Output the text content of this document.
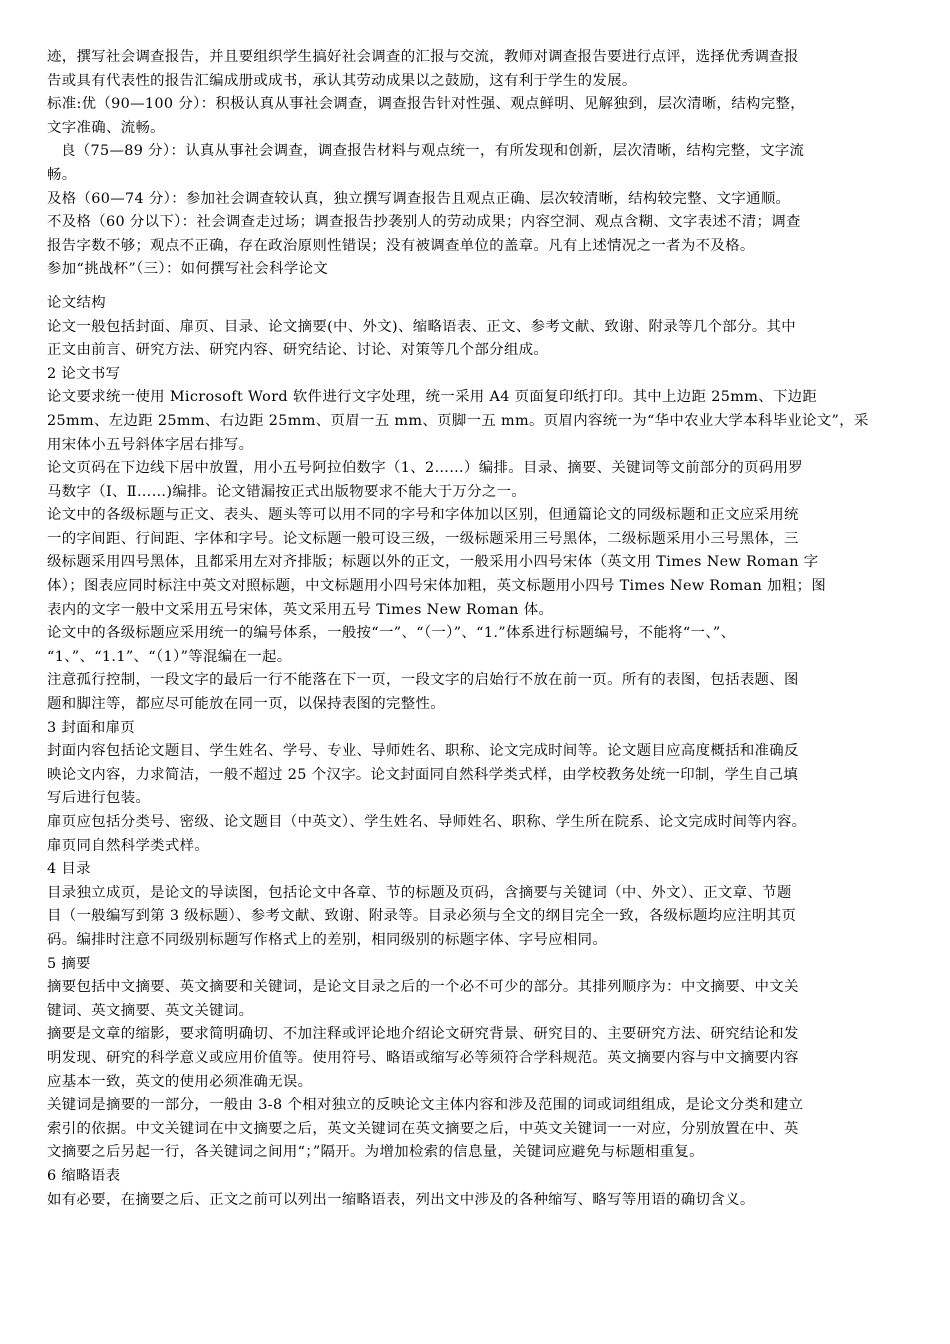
迹，撰写社会调查报告，并且要组织学生搞好社会调查的汇报与交流，教师对调查报告要进行点评，选择优秀调查报
告或具有代表性的报告汇编成册或成书，承认其劳动成果以之鼓励，这有利于学生的发展。

标准:优（90—100 分）：积极认真从事社会调查，调查报告针对性强、观点鲜明、见解独到，层次清晰，结构完整，
文字准确、流畅。

良（75—89 分）：认真从事社会调查，调查报告材料与观点统一，有所发现和创新，层次清晰，结构完整，文字流
畅。

及格（60—74 分）：参加社会调查较认真，独立撰写调查报告且观点正确、层次较清晰，结构较完整、文字通顺。

不及格（60 分以下）：社会调查走过场；调查报告抄袭别人的劳动成果；内容空洞、观点含糊、文字表述不清；调查
报告字数不够；观点不正确，存在政治原则性错误；没有被调查单位的盖章。凡有上述情况之一者为不及格。

参加“挑战杯”（三）：如何撰写社会科学论文

论文结构

论文一般包括封面、扉页、目录、论文摘要(中、外文)、缩略语表、正文、参考文献、致谢、附录等几个部分。其中
正文由前言、研究方法、研究内容、研究结论、讨论、对策等几个部分组成。

2 论文书写

论文要求统一使用 Microsoft Word 软件进行文字处理，统一采用 A4 页面复印纸打印。其中上边距 25mm、下边距
25mm、左边距 25mm、右边距 25mm、页眉一五 mm、页脚一五 mm。页眉内容统一为“华中农业大学本科毕业论文”，采
用宋体小五号斜体字居右排写。

论文页码在下边线下居中放置，用小五号阿拉伯数字（1、2……）编排。目录、摘要、关键词等文前部分的页码用罗
马数字（Ⅰ、Ⅱ……)编排。论文错漏按正式出版物要求不能大于万分之一。

论文中的各级标题与正文、表头、题头等可以用不同的字号和字体加以区别，但通篇论文的同级标题和正文应采用统
一的字间距、行间距、字体和字号。论文标题一般可设三级，一级标题采用三号黑体，二级标题采用小三号黑体，三
级标题采用四号黑体，且都采用左对齐排版；标题以外的正文，一般采用小四号宋体（英文用 Times New Roman 字
体）；图表应同时标注中英文对照标题，中文标题用小四号宋体加粗，英文标题用小四号 Times New Roman 加粗；图
表内的文字一般中文采用五号宋体，英文采用五号 Times New Roman 体。

论文中的各级标题应采用统一的编号体系，一般按“一”、“（一）”、“1.”体系进行标题编号，不能将“一、”、
“1、”、“1.1”、“（1）”等混编在一起。

注意孤行控制，一段文字的最后一行不能落在下一页，一段文字的启始行不放在前一页。所有的表图，包括表题、图
题和脚注等，都应尽可能放在同一页，以保持表图的完整性。

3 封面和扉页

封面内容包括论文题目、学生姓名、学号、专业、导师姓名、职称、论文完成时间等。论文题目应高度概括和准确反
映论文内容，力求简洁，一般不超过 25 个汉字。论文封面同自然科学类式样，由学校教务处统一印制，学生自己填
写后进行包装。

扉页应包括分类号、密级、论文题目（中英文）、学生姓名、导师姓名、职称、学生所在院系、论文完成时间等内容。
扉页同自然科学类式样。

4 目录

目录独立成页，是论文的导读图，包括论文中各章、节的标题及页码，含摘要与关键词（中、外文）、正文章、节题
目（一般编写到第 3 级标题）、参考文献、致谢、附录等。目录必须与全文的纲目完全一致，各级标题均应注明其页
码。编排时注意不同级别标题写作格式上的差别，相同级别的标题字体、字号应相同。

5 摘要

摘要包括中文摘要、英文摘要和关键词，是论文目录之后的一个必不可少的部分。其排列顺序为：中文摘要、中文关
键词、英文摘要、英文关键词。

摘要是文章的缩影，要求简明确切、不加注释或评论地介绍论文研究背景、研究目的、主要研究方法、研究结论和发
明发现、研究的科学意义或应用价值等。使用符号、略语或缩写必等须符合学科规范。英文摘要内容与中文摘要内容
应基本一致，英文的使用必须准确无误。

关键词是摘要的一部分，一般由 3-8 个相对独立的反映论文主体内容和涉及范围的词或词组组成，是论文分类和建立
索引的依据。中文关键词在中文摘要之后，英文关键词在英文摘要之后，中英文关键词一一对应，分别放置在中、英
文摘要之后另起一行，各关键词之间用“；”隔开。为增加检索的信息量，关键词应避免与标题相重复。

6 缩略语表

如有必要，在摘要之后、正文之前可以列出一缩略语表，列出文中涉及的各种缩写、略写等用语的确切含义。
